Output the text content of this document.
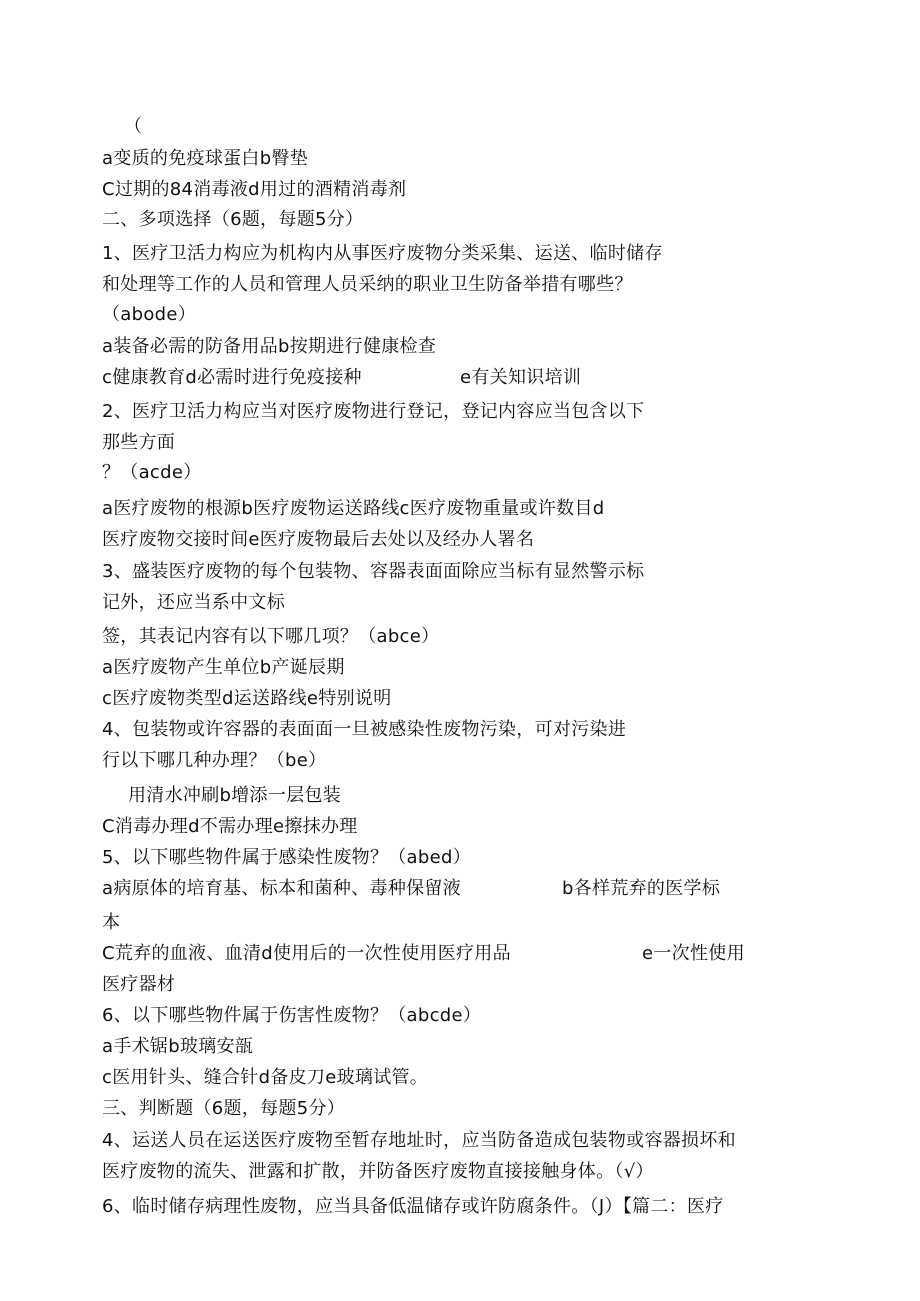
（
a变质的免疫球蛋白b臀垫
C过期的84消毒液d用过的酒精消毒剂
二、多项选择（6题，每题5分）
1、医疗卫活力构应为机构内从事医疗废物分类采集、运送、临时储存
和处理等工作的人员和管理人员采纳的职业卫生防备举措有哪些？
（abode）
a装备必需的防备用品b按期进行健康检查
c健康教育d必需时进行免疫接种	e有关知识培训
2、医疗卫活力构应当对医疗废物进行登记，登记内容应当包含以下
那些方面
？（acde）
a医疗废物的根源b医疗废物运送路线c医疗废物重量或许数目d
医疗废物交接时间e医疗废物最后去处以及经办人署名
3、盛装医疗废物的每个包装物、容器表面面除应当标有显然警示标
记外，还应当系中文标
签，其表记内容有以下哪几项？（abce）
a医疗废物产生单位b产诞辰期
c医疗废物类型d运送路线e特别说明
4、包装物或许容器的表面面一旦被感染性废物污染，可对污染进
行以下哪几种办理？（be）
用清水冲刷b增添一层包装
C消毒办理d不需办理e擦抹办理
5、以下哪些物件属于感染性废物？（abed）
a病原体的培育基、标本和菌种、毒种保留液	b各样荒弃的医学标
本
C荒弃的血液、血清d使用后的一次性使用医疗用品	e一次性使用
医疗器材
6、以下哪些物件属于伤害性废物？（abcde）
a手术锯b玻璃安瓿
c医用针头、缝合针d备皮刀e玻璃试管。
三、判断题（6题，每题5分）
4、运送人员在运送医疗废物至暂存地址时，应当防备造成包装物或容器损坏和
医疗废物的流失、泄露和扩散，并防备医疗废物直接接触身体。（√）
6、临时储存病理性废物，应当具备低温储存或许防腐条件。（J）【篇二：医疗
